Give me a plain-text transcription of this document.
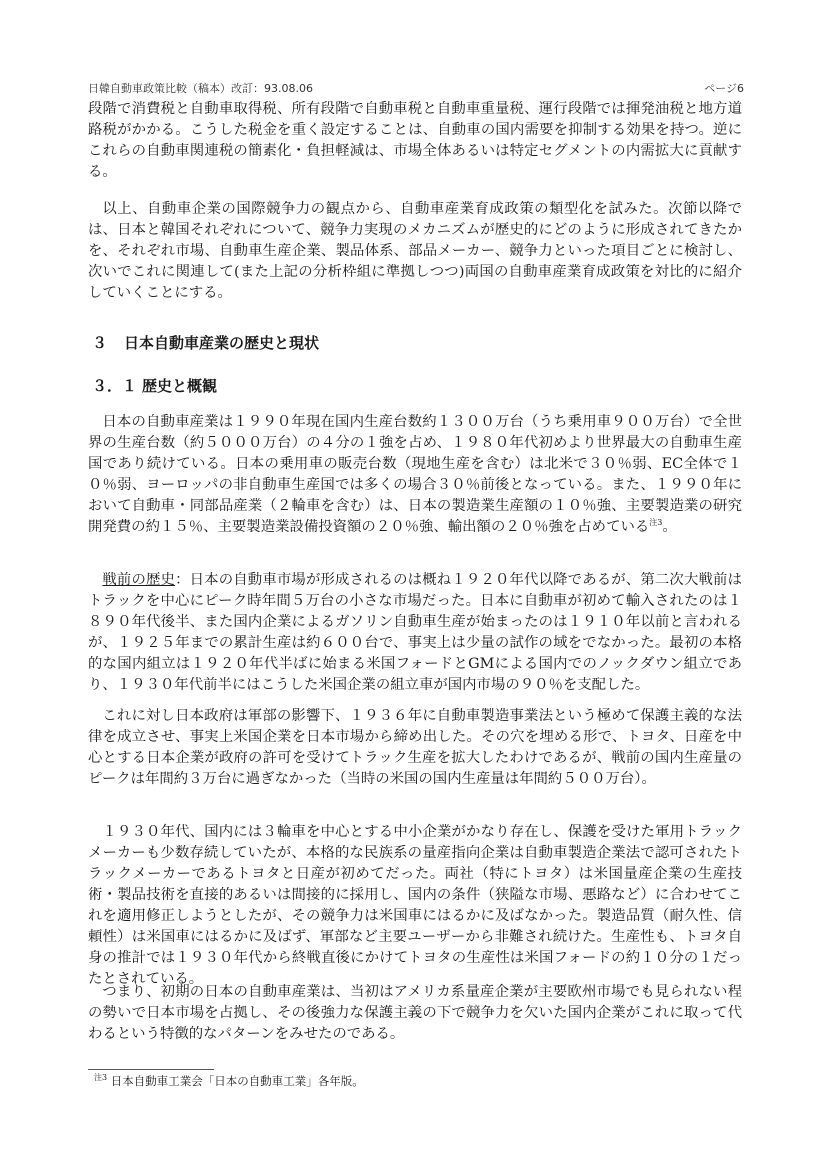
日韓自動車政策比較（稿本）改訂：93.08.06	ページ6

段階で消費税と自動車取得税、所有段階で自動車税と自動車重量税、運行段階では揮発油税と地方道路税がかかる。こうした税金を重く設定することは、自動車の国内需要を抑制する効果を持つ。逆にこれらの自動車関連税の簡素化・負担軽減は、市場全体あるいは特定セグメントの内需拡大に貢献する。

以上、自動車企業の国際競争力の観点から、自動車産業育成政策の類型化を試みた。次節以降では、日本と韓国それぞれについて、競争力実現のメカニズムが歴史的にどのように形成されてきたかを、それぞれ市場、自動車生産企業、製品体系、部品メーカー、競争力といった項目ごとに検討し、次いでこれに関連して(また上記の分析枠組に準拠しつつ)両国の自動車産業育成政策を対比的に紹介していくことにする。

３ 日本自動車産業の歴史と現状
３．１ 歴史と概観

日本の自動車産業は１９９０年現在国内生産台数約１３００万台（うち乗用車９００万台）で全世界の生産台数（約５０００万台）の４分の１強を占め、１９８０年代初めより世界最大の自動車生産国であり続けている。日本の乗用車の販売台数（現地生産を含む）は北米で３０％弱、EC全体で１０％弱、ヨーロッパの非自動車生産国では多くの場合３０％前後となっている。また、１９９０年において自動車・同部品産業（２輪車を含む）は、日本の製造業生産額の１０％強、主要製造業の研究開発費の約１５％、主要製造業設備投資額の２０％強、輸出額の２０％強を占めている$^{注3}$。

戦前の歴史：日本の自動車市場が形成されるのは概ね１９２０年代以降であるが、第二次大戦前はトラックを中心にピーク時年間５万台の小さな市場だった。日本に自動車が初めて輸入されたのは１８９０年代後半、また国内企業によるガソリン自動車生産が始まったのは１９１０年以前と言われるが、１９２５年までの累計生産は約６００台で、事実上は少量の試作の域をでなかった。最初の本格的な国内組立は１９２０年代半ばに始まる米国フォードとGMによる国内でのノックダウン組立であり、１９３０年代前半にはこうした米国企業の組立車が国内市場の９０％を支配した。

これに対し日本政府は軍部の影響下、１９３６年に自動車製造事業法という極めて保護主義的な法律を成立させ、事実上米国企業を日本市場から締め出した。その穴を埋める形で、トヨタ、日産を中心とする日本企業が政府の許可を受けてトラック生産を拡大したわけであるが、戦前の国内生産量のピークは年間約３万台に過ぎなかった（当時の米国の国内生産量は年間約５００万台）。

１９３０年代、国内には３輪車を中心とする中小企業がかなり存在し、保護を受けた軍用トラックメーカーも少数存続していたが、本格的な民族系の量産指向企業は自動車製造企業法で認可されたトラックメーカーであるトヨタと日産が初めてだった。両社（特にトヨタ）は米国量産企業の生産技術・製品技術を直接的あるいは間接的に採用し、国内の条件（狭隘な市場、悪路など）に合わせてこれを適用修正しようとしたが、その競争力は米国車にはるかに及ばなかった。製造品質（耐久性、信頼性）は米国車にはるかに及ばず、軍部など主要ユーザーから非難され続けた。生産性も、トヨタ自身の推計では１９３０年代から終戦直後にかけてトヨタの生産性は米国フォードの約１０分の１だったとされている。

つまり、初期の日本の自動車産業は、当初はアメリカ系量産企業が主要欧州市場でも見られない程の勢いで日本市場を占拠し、その後強力な保護主義の下で競争力を欠いた国内企業がこれに取って代わるという特徴的なパターンをみせたのである。

$^{注3}$ 日本自動車工業会「日本の自動車工業」各年版。
